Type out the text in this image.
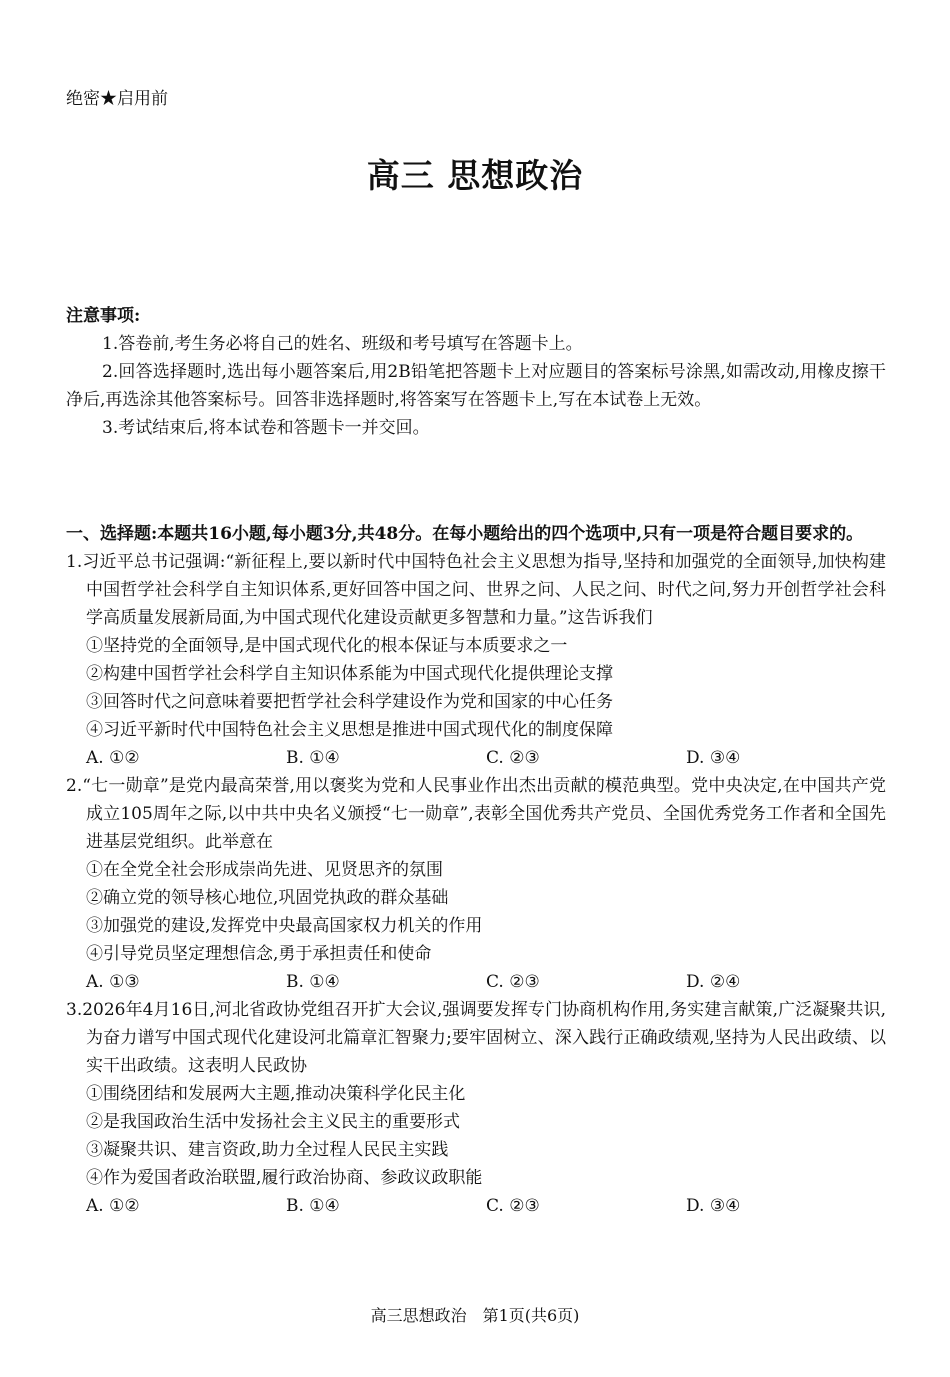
绝密★启用前
高三 思想政治
注意事项:

1.答卷前,考生务必将自己的姓名、班级和考号填写在答题卡上。

2.回答选择题时,选出每小题答案后,用2B铅笔把答题卡上对应题目的答案标号涂黑,如需改动,用橡皮擦干净后,再选涂其他答案标号。回答非选择题时,将答案写在答题卡上,写在本试卷上无效。

3.考试结束后,将本试卷和答题卡一并交回。

一、选择题:本题共16小题,每小题3分,共48分。在每小题给出的四个选项中,只有一项是符合题目要求的。

1.习近平总书记强调:“新征程上,要以新时代中国特色社会主义思想为指导,坚持和加强党的全面领导,加快构建中国哲学社会科学自主知识体系,更好回答中国之问、世界之问、人民之问、时代之问,努力开创哲学社会科学高质量发展新局面,为中国式现代化建设贡献更多智慧和力量。”这告诉我们

①坚持党的全面领导,是中国式现代化的根本保证与本质要求之一

②构建中国哲学社会科学自主知识体系能为中国式现代化提供理论支撑

③回答时代之问意味着要把哲学社会科学建设作为党和国家的中心任务

④习近平新时代中国特色社会主义思想是推进中国式现代化的制度保障

A. ①②	B. ①④	C. ②③	D. ③④

2.“七一勋章”是党内最高荣誉,用以褒奖为党和人民事业作出杰出贡献的模范典型。党中央决定,在中国共产党成立105周年之际,以中共中央名义颁授“七一勋章”,表彰全国优秀共产党员、全国优秀党务工作者和全国先进基层党组织。此举意在

①在全党全社会形成崇尚先进、见贤思齐的氛围

②确立党的领导核心地位,巩固党执政的群众基础

③加强党的建设,发挥党中央最高国家权力机关的作用

④引导党员坚定理想信念,勇于承担责任和使命

A. ①③	B. ①④	C. ②③	D. ②④

3.2026年4月16日,河北省政协党组召开扩大会议,强调要发挥专门协商机构作用,务实建言献策,广泛凝聚共识,为奋力谱写中国式现代化建设河北篇章汇智聚力;要牢固树立、深入践行正确政绩观,坚持为人民出政绩、以实干出政绩。这表明人民政协

①围绕团结和发展两大主题,推动决策科学化民主化

②是我国政治生活中发扬社会主义民主的重要形式

③凝聚共识、建言资政,助力全过程人民民主实践

④作为爱国者政治联盟,履行政治协商、参政议政职能

A. ①②	B. ①④	C. ②③	D. ③④
高三思想政治　第1页(共6页)
